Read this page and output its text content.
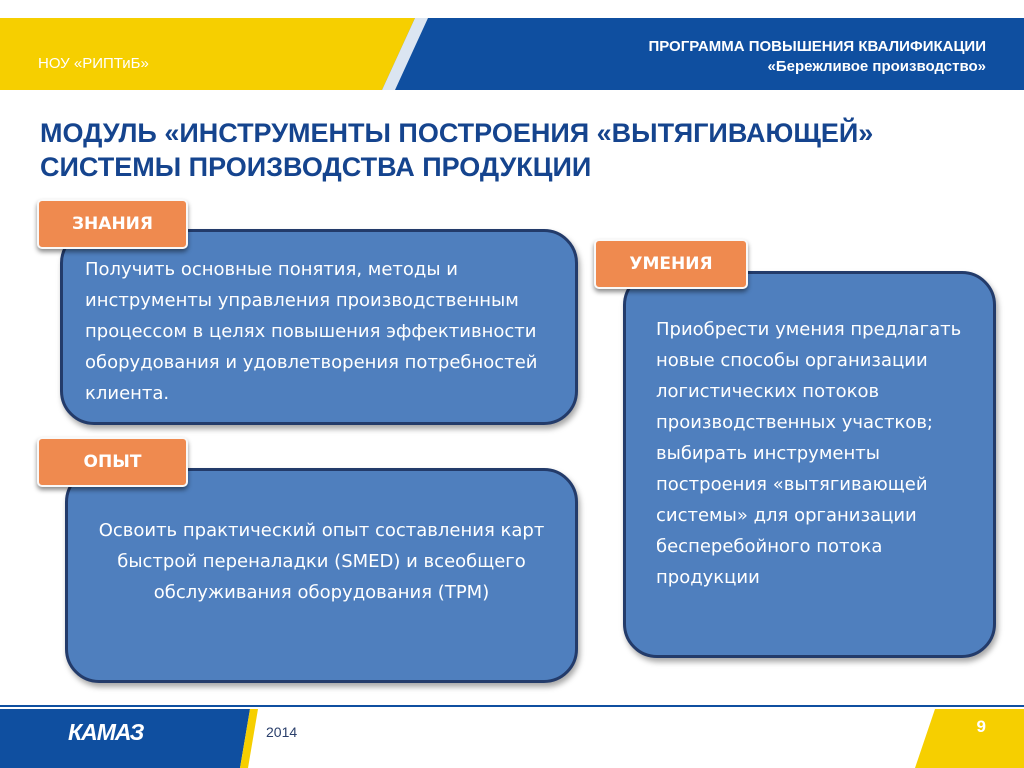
НОУ «РИПТиБ»
ПРОГРАММА ПОВЫШЕНИЯ КВАЛИФИКАЦИИ
«Бережливое производство»
МОДУЛЬ «ИНСТРУМЕНТЫ ПОСТРОЕНИЯ «ВЫТЯГИВАЮЩЕЙ»
СИСТЕМЫ ПРОИЗВОДСТВА ПРОДУКЦИИ
Получить основные понятия, методы и инструменты управления производственным процессом в целях повышения эффективности оборудования и удовлетворения потребностей клиента.
ЗНАНИЯ
Освоить практический опыт составления карт быстрой переналадки (SMED) и всеобщего обслуживания оборудования (TPM)
ОПЫТ
Приобрести умения предлагать новые способы организации логистических потоков производственных участков; выбирать инструменты построения «вытягивающей системы» для организации бесперебойного потока продукции
УМЕНИЯ
КАМАЗ	2014	9
